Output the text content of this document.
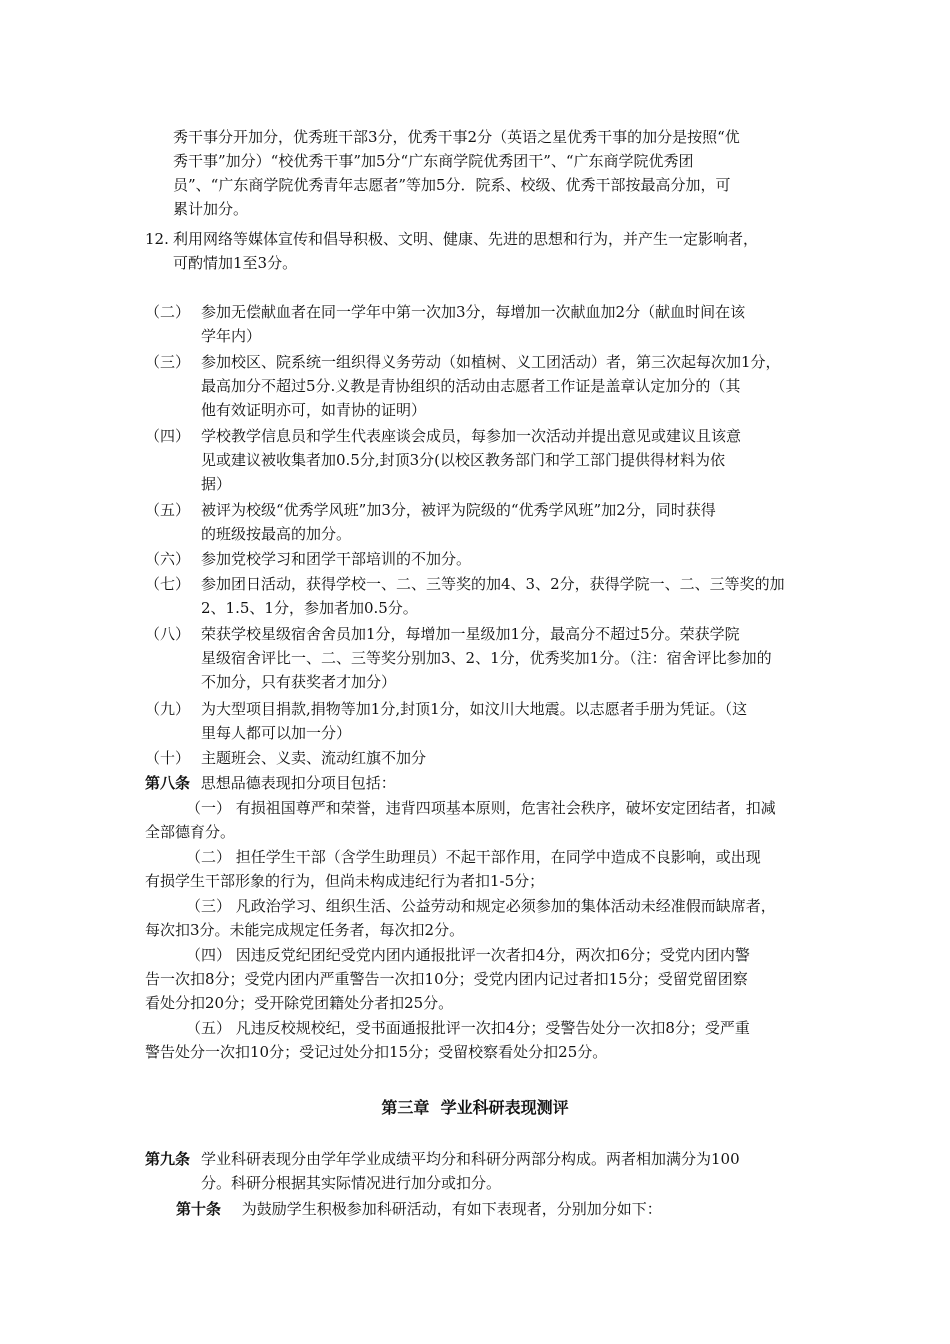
秀干事分开加分，优秀班干部3分，优秀干事2分（英语之星优秀干事的加分是按照“优
秀干事”加分）“校优秀干事”加5分“广东商学院优秀团干”、“广东商学院优秀团
员”、“广东商学院优秀青年志愿者”等加5分．院系、校级、优秀干部按最高分加，可
累计加分。
12. 利用网络等媒体宣传和倡导积极、文明、健康、先进的思想和行为，并产生一定影响者，
可酌情加1至3分。
（二） 参加无偿献血者在同一学年中第一次加3分，每增加一次献血加2分（献血时间在该
学年内）
（三） 参加校区、院系统一组织得义务劳动（如植树、义工团活动）者，第三次起每次加1分，
最高加分不超过5分.义教是青协组织的活动由志愿者工作证是盖章认定加分的（其
他有效证明亦可，如青协的证明）
（四） 学校教学信息员和学生代表座谈会成员，每参加一次活动并提出意见或建议且该意
见或建议被收集者加0.5分,封顶3分(以校区教务部门和学工部门提供得材料为依
据）
（五） 被评为校级“优秀学风班”加3分，被评为院级的“优秀学风班”加2分，同时获得
的班级按最高的加分。
（六） 参加党校学习和团学干部培训的不加分。
（七） 参加团日活动，获得学校一、二、三等奖的加4、3、2分，获得学院一、二、三等奖的加
2、1.5、1分，参加者加0.5分。
（八） 荣获学校星级宿舍舍员加1分，每增加一星级加1分，最高分不超过5分。荣获学院
星级宿舍评比一、二、三等奖分别加3、2、1分，优秀奖加1分。（注：宿舍评比参加的
不加分，只有获奖者才加分）
（九） 为大型项目捐款,捐物等加1分,封顶1分，如汶川大地震。以志愿者手册为凭证。（这
里每人都可以加一分）
（十） 主题班会、义卖、流动红旗不加分
第八条 思想品德表现扣分项目包括：
（一） 有损祖国尊严和荣誉，违背四项基本原则，危害社会秩序，破坏安定团结者，扣减
全部德育分。
（二） 担任学生干部（含学生助理员）不起干部作用，在同学中造成不良影响，或出现
有损学生干部形象的行为，但尚未构成违纪行为者扣1-5分；
（三） 凡政治学习、组织生活、公益劳动和规定必须参加的集体活动未经准假而缺席者，
每次扣3分。未能完成规定任务者，每次扣2分。
（四） 因违反党纪团纪受党内团内通报批评一次者扣4分，两次扣6分；受党内团内警
告一次扣8分；受党内团内严重警告一次扣10分；受党内团内记过者扣15分；受留党留团察
看处分扣20分；受开除党团籍处分者扣25分。
（五） 凡违反校规校纪，受书面通报批评一次扣4分；受警告处分一次扣8分；受严重
警告处分一次扣10分；受记过处分扣15分；受留校察看处分扣25分。
第三章  学业科研表现测评
第九条 学业科研表现分由学年学业成绩平均分和科研分两部分构成。两者相加满分为100
分。科研分根据其实际情况进行加分或扣分。
第十条 为鼓励学生积极参加科研活动，有如下表现者，分别加分如下：
